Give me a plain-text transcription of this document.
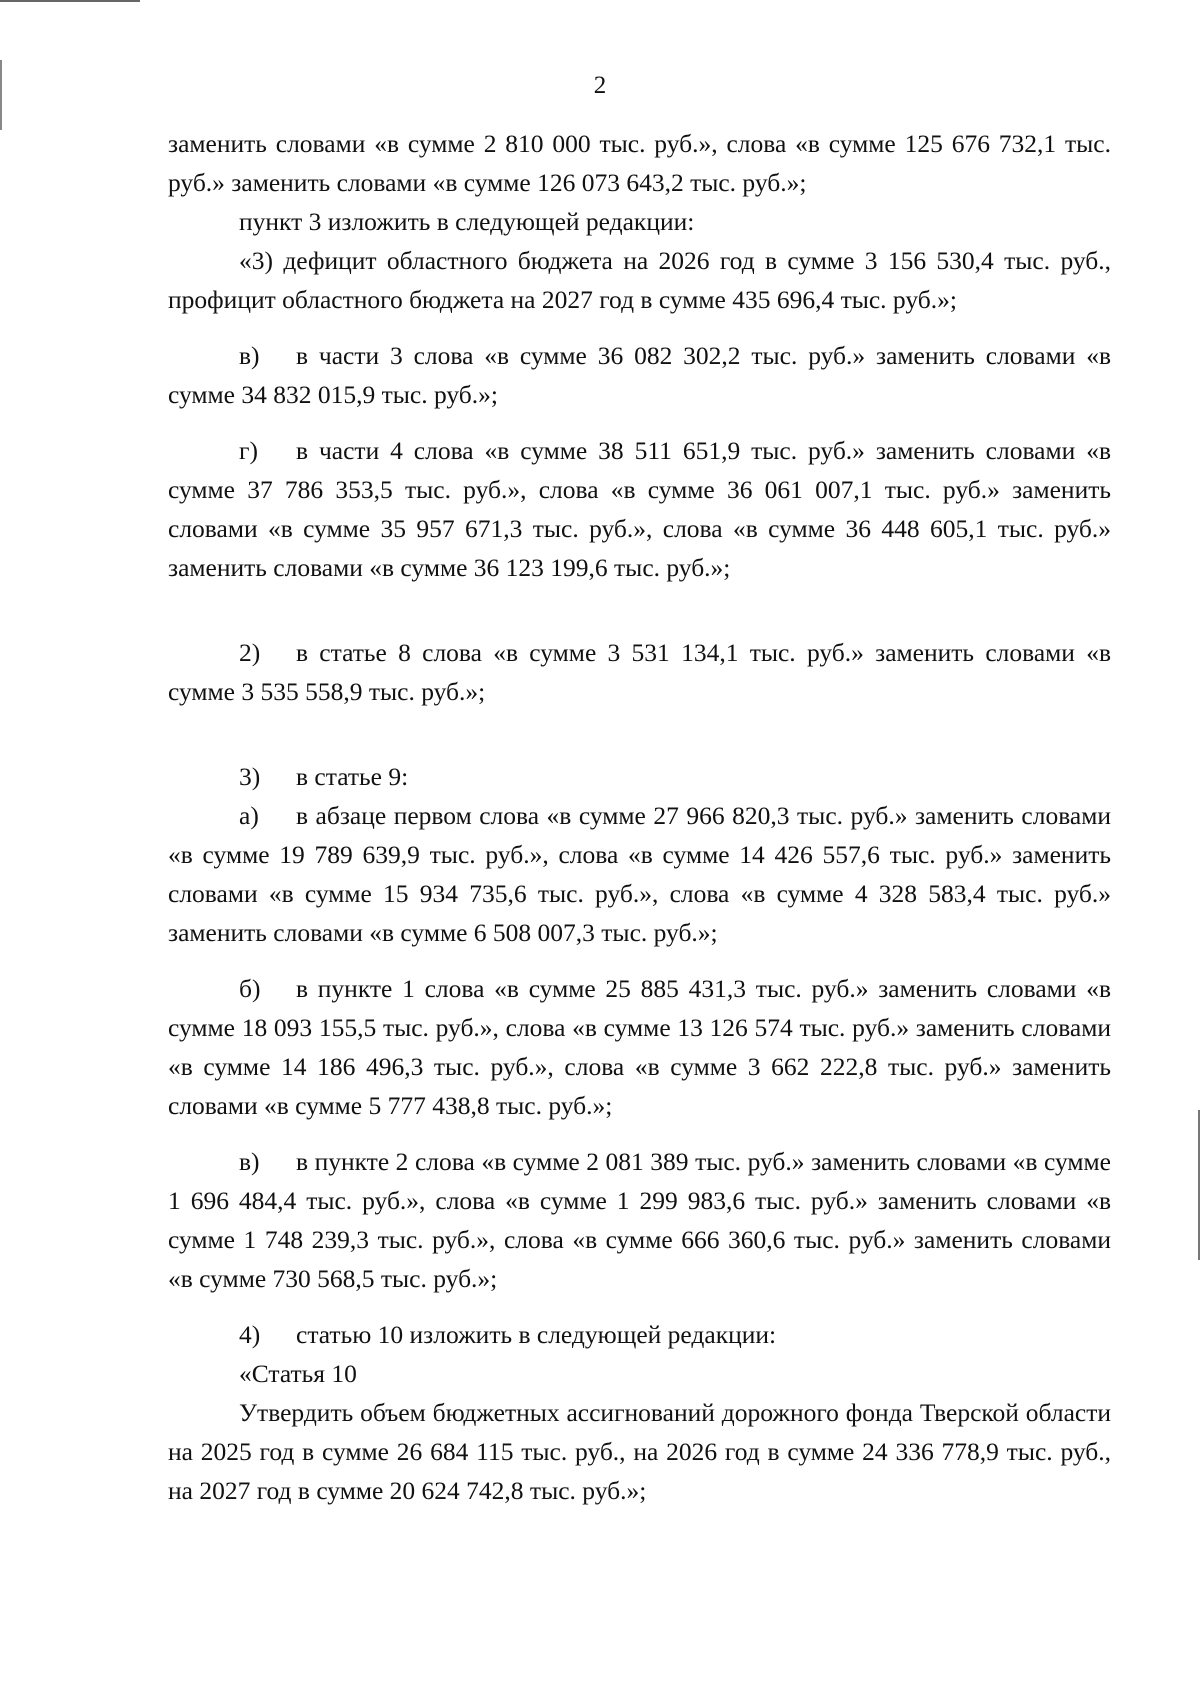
2

заменить словами «в сумме 2 810 000 тыс. руб.», слова «в сумме 125 676 732,1 тыс. руб.» заменить словами «в сумме 126 073 643,2 тыс. руб.»;

пункт 3 изложить в следующей редакции:

«3) дефицит областного бюджета на 2026 год в сумме 3 156 530,4 тыс. руб., профицит областного бюджета на 2027 год в сумме 435 696,4 тыс. руб.»;

в) в части 3 слова «в сумме 36 082 302,2 тыс. руб.» заменить словами «в сумме 34 832 015,9 тыс. руб.»;

г) в части 4 слова «в сумме 38 511 651,9 тыс. руб.» заменить словами «в сумме 37 786 353,5 тыс. руб.», слова «в сумме 36 061 007,1 тыс. руб.» заменить словами «в сумме 35 957 671,3 тыс. руб.», слова «в сумме 36 448 605,1 тыс. руб.» заменить словами «в сумме 36 123 199,6 тыс. руб.»;

2) в статье 8 слова «в сумме 3 531 134,1 тыс. руб.» заменить словами «в сумме 3 535 558,9 тыс. руб.»;

3) в статье 9:

а) в абзаце первом слова «в сумме 27 966 820,3 тыс. руб.» заменить словами «в сумме 19 789 639,9 тыс. руб.», слова «в сумме 14 426 557,6 тыс. руб.» заменить словами «в сумме 15 934 735,6 тыс. руб.», слова «в сумме 4 328 583,4 тыс. руб.» заменить словами «в сумме 6 508 007,3 тыс. руб.»;

б) в пункте 1 слова «в сумме 25 885 431,3 тыс. руб.» заменить словами «в сумме 18 093 155,5 тыс. руб.», слова «в сумме 13 126 574 тыс. руб.» заменить словами «в сумме 14 186 496,3 тыс. руб.», слова «в сумме 3 662 222,8 тыс. руб.» заменить словами «в сумме 5 777 438,8 тыс. руб.»;

в) в пункте 2 слова «в сумме 2 081 389 тыс. руб.» заменить словами «в сумме 1 696 484,4 тыс. руб.», слова «в сумме 1 299 983,6 тыс. руб.» заменить словами «в сумме 1 748 239,3 тыс. руб.», слова «в сумме 666 360,6 тыс. руб.» заменить словами «в сумме 730 568,5 тыс. руб.»;

4) статью 10 изложить в следующей редакции:

«Статья 10

Утвердить объем бюджетных ассигнований дорожного фонда Тверской области на 2025 год в сумме 26 684 115 тыс. руб., на 2026 год в сумме 24 336 778,9 тыс. руб., на 2027 год в сумме 20 624 742,8 тыс. руб.»;
